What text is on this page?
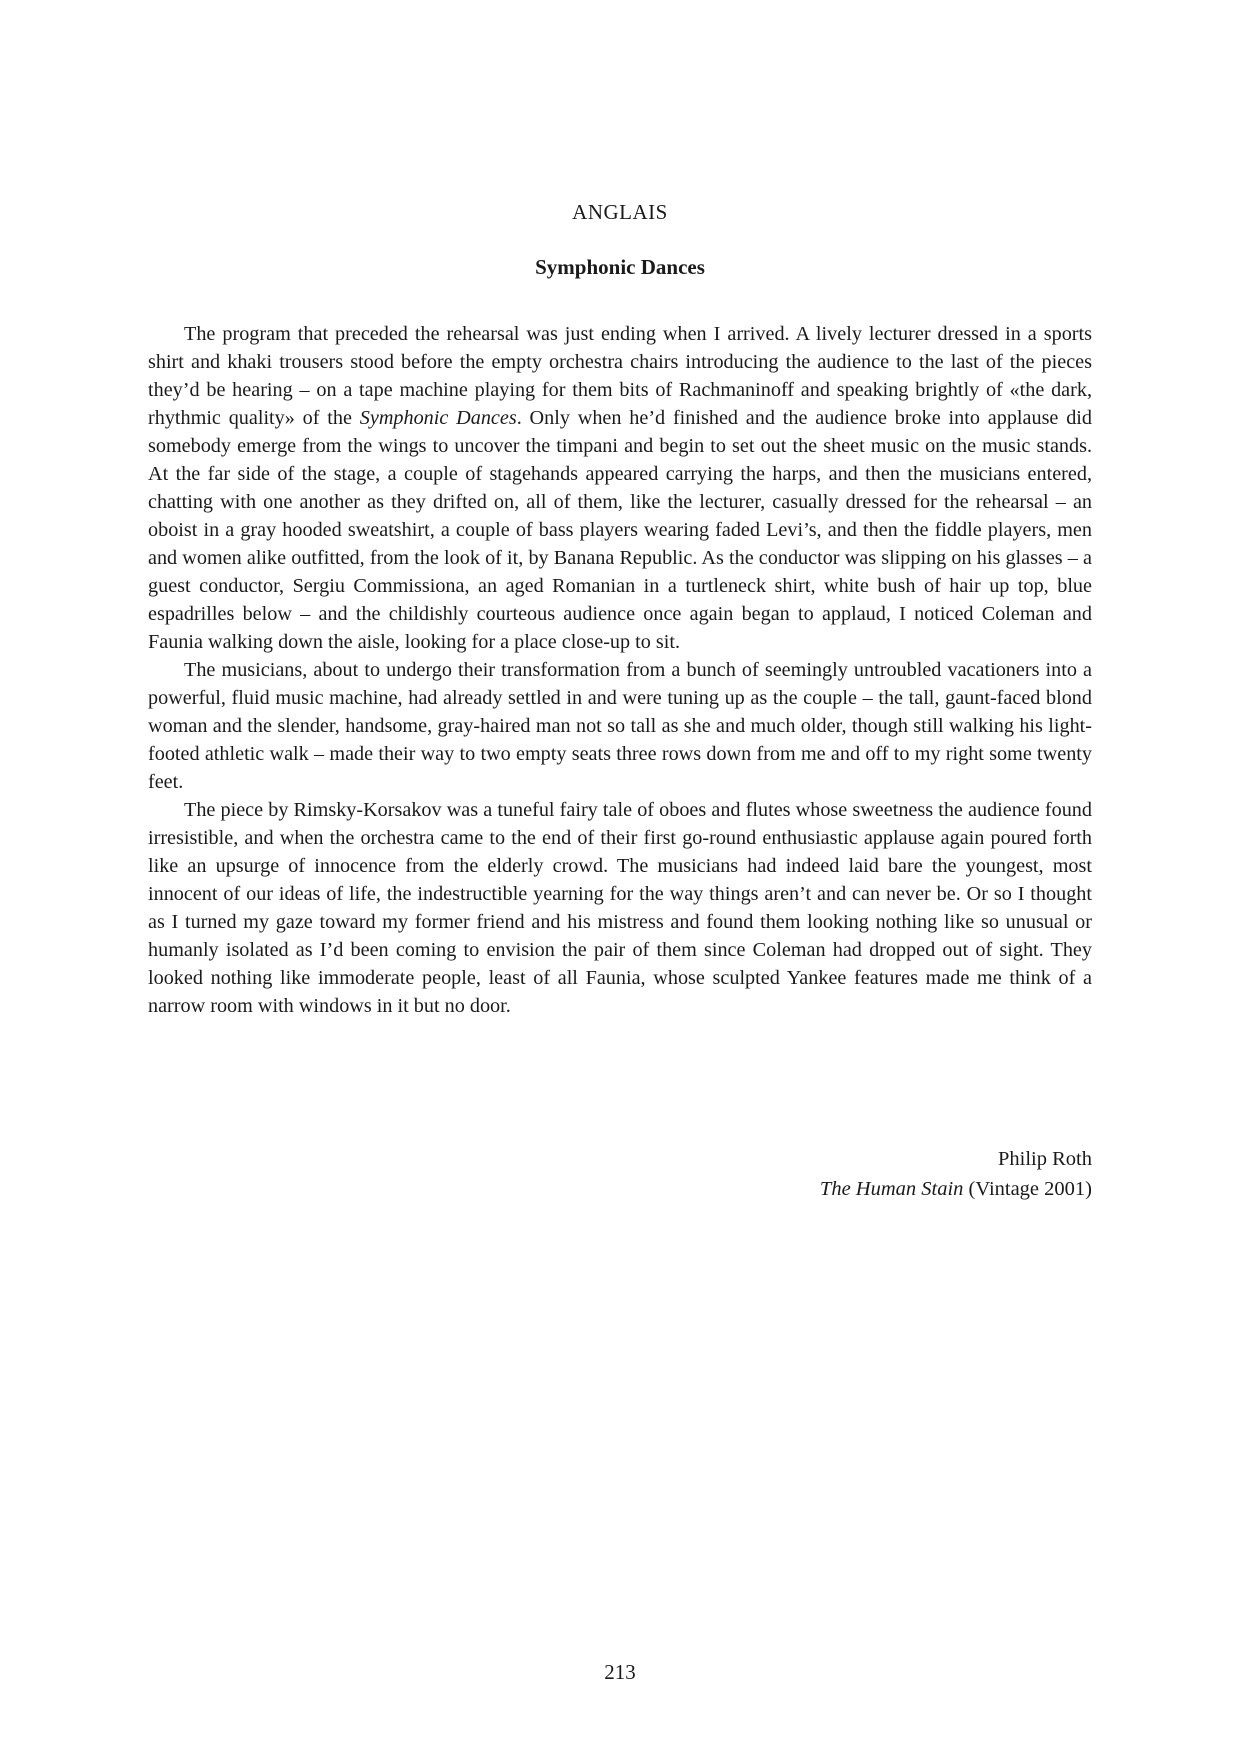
ANGLAIS
Symphonic Dances

The program that preceded the rehearsal was just ending when I arrived. A lively lecturer dressed in a sports shirt and khaki trousers stood before the empty orchestra chairs introducing the audience to the last of the pieces they’d be hearing – on a tape machine playing for them bits of Rachmaninoff and speaking brightly of «the dark, rhythmic quality» of the Symphonic Dances. Only when he’d finished and the audience broke into applause did somebody emerge from the wings to uncover the timpani and begin to set out the sheet music on the music stands. At the far side of the stage, a couple of stagehands appeared carrying the harps, and then the musicians entered, chatting with one another as they drifted on, all of them, like the lecturer, casually dressed for the rehearsal – an oboist in a gray hooded sweatshirt, a couple of bass players wearing faded Levi’s, and then the fiddle players, men and women alike outfitted, from the look of it, by Banana Republic. As the conductor was slipping on his glasses – a guest conductor, Sergiu Commissiona, an aged Romanian in a turtleneck shirt, white bush of hair up top, blue espadrilles below – and the childishly courteous audience once again began to applaud, I noticed Coleman and Faunia walking down the aisle, looking for a place close-up to sit.

The musicians, about to undergo their transformation from a bunch of seemingly untroubled vacationers into a powerful, fluid music machine, had already settled in and were tuning up as the couple – the tall, gaunt-faced blond woman and the slender, handsome, gray-haired man not so tall as she and much older, though still walking his light-footed athletic walk – made their way to two empty seats three rows down from me and off to my right some twenty feet.

The piece by Rimsky-Korsakov was a tuneful fairy tale of oboes and flutes whose sweetness the audience found irresistible, and when the orchestra came to the end of their first go-round enthusiastic applause again poured forth like an upsurge of innocence from the elderly crowd. The musicians had indeed laid bare the youngest, most innocent of our ideas of life, the indestructible yearning for the way things aren’t and can never be. Or so I thought as I turned my gaze toward my former friend and his mistress and found them looking nothing like so unusual or humanly isolated as I’d been coming to envision the pair of them since Coleman had dropped out of sight. They looked nothing like immoderate people, least of all Faunia, whose sculpted Yankee features made me think of a narrow room with windows in it but no door.

Philip Roth
The Human Stain (Vintage 2001)
213
